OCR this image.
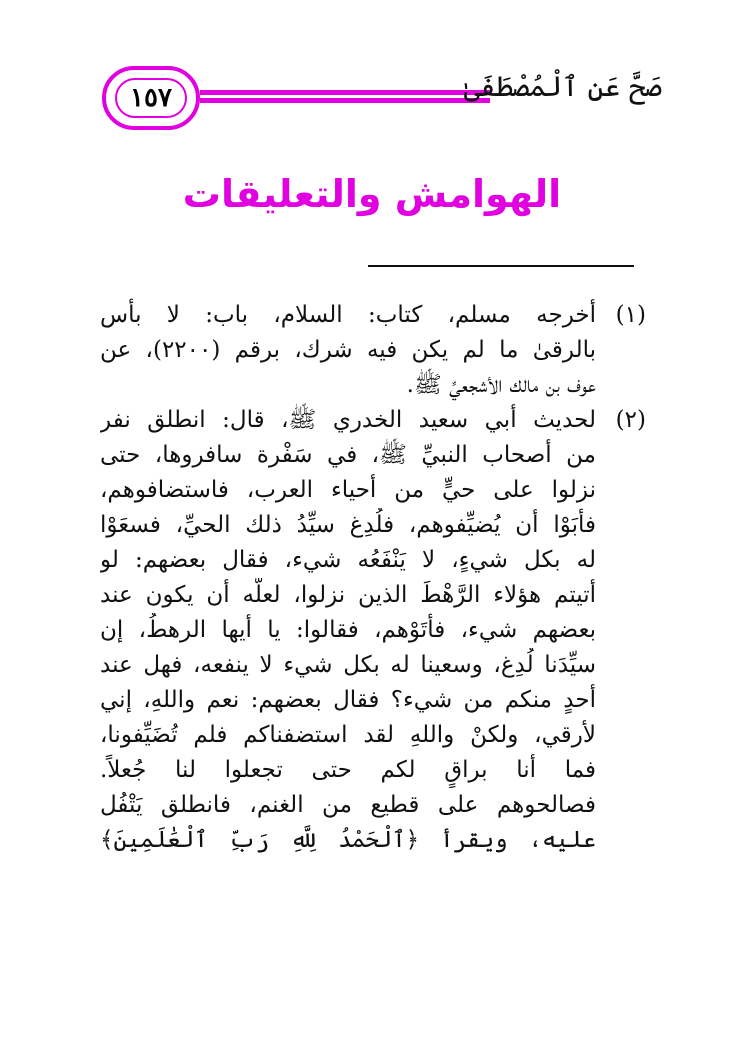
١٥٧	صَحَّ عَنِ ٱلْمُصْطَفَىٰ
الهوامش والتعليقات
(١)
أخرجه مسلم، كتاب: السلام، باب: لا بأس
بالرقىٰ ما لم يكن فيه شرك، برقم (٢٢٠٠)، عن
عوف بن مالك الأشجعيِّ ﷺ.
(٢)
لحديث أبي سعيد الخدري ﷺ، قال: انطلق نفر
من أصحاب النبيِّ ﷺ، في سَفْرة سافروها، حتى
نزلوا على حيٍّ من أحياء العرب، فاستضافوهم،
فأبَوْا أن يُضيِّفوهم، فلُدِغ سيِّدُ ذلك الحيِّ، فسعَوْا
له بكل شيءٍ، لا يَنْفَعُه شيء، فقال بعضهم: لو
أتيتم هؤلاء الرَّهْطَ الذين نزلوا، لعلَّه أن يكون عند
بعضهم شيء، فأتَوْهم، فقالوا: يا أيها الرهطُ، إن
سيِّدَنا لُدِغ، وسعينا له بكل شيء لا ينفعه، فهل عند
أحدٍ منكم من شيء؟ فقال بعضهم: نعم واللهِ، إني
لأرقي، ولكنْ واللهِ لقد استضفناكم فلم تُضَيِّفونا،
فما أنا براقٍ لكم حتى تجعلوا لنا جُعلاً.
فصالحوهم على قطيع من الغنم، فانطلق يَتْفُل
عليه، ويقرأ ﴿ٱلْحَمْدُ لِلَّهِ رَبِّ ٱلْعَٰلَمِينَ﴾
